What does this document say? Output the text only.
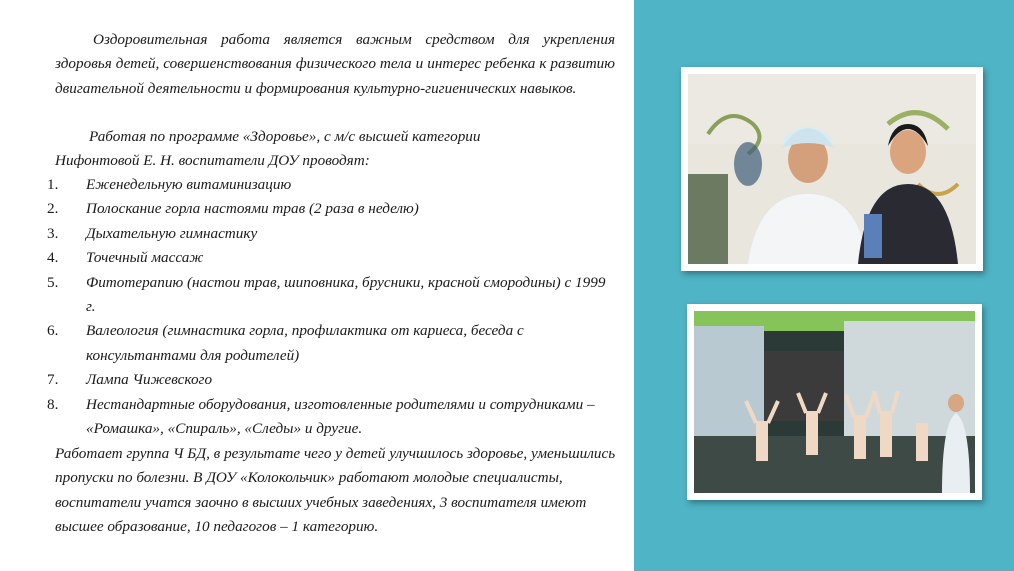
Оздоровительная работа является важным средством для укрепления здоровья детей, совершенствования физического тела и интерес ребенка к развитию двигательной деятельности и формирования культурно-гигиенических навыков.

Работая по программе «Здоровье», с м/с высшей категории
Нифонтовой Е. Н. воспитатели ДОУ проводят:

1. Еженедельную витаминизацию
2. Полоскание горла настоями трав (2 раза в неделю)
3. Дыхательную гимнастику
4. Точечный массаж
5. Фитотерапию (настои трав, шиповника, брусники, красной смородины) с 1999 г.
6. Валеология (гимнастика горла, профилактика от кариеса, беседа с консультантами для родителей)
7. Лампа Чижевского
8. Нестандартные оборудования, изготовленные родителями и сотрудниками – «Ромашка», «Спираль», «Следы» и другие.

Работает группа Ч БД, в результате чего у детей улучшилось здоровье, уменьшились пропуски по болезни. В ДОУ «Колокольчик» работают молодые специалисты, воспитатели учатся заочно в высших учебных заведениях, 3 воспитателя имеют высшее образование, 10 педагогов – 1 категорию.
